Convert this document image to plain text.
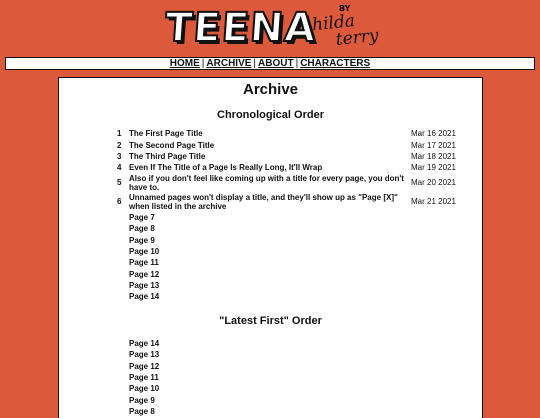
TEENA	BY
hilda
terry
HOME | ARCHIVE | ABOUT | CHARACTERS
Archive
Chronological Order
1	The First Page Title	Mar 16 2021
2	The Second Page Title	Mar 17 2021
3	The Third Page Title	Mar 18 2021
4	Even If The Title of a Page Is Really Long, It'll Wrap	Mar 19 2021
5	Also if you don't feel like coming up with a title for every page, you don't have to.	Mar 20 2021
6	Unnamed pages won't display a title, and they'll show up as "Page [X]" when listed in the archive	Mar 21 2021
	Page 7	
	Page 8	
	Page 9	
	Page 10	
	Page 11	
	Page 12	
	Page 13	
	Page 14	
"Latest First" Order
	Page 14	
	Page 13	
	Page 12	
	Page 11	
	Page 10	
	Page 9	
	Page 8	
